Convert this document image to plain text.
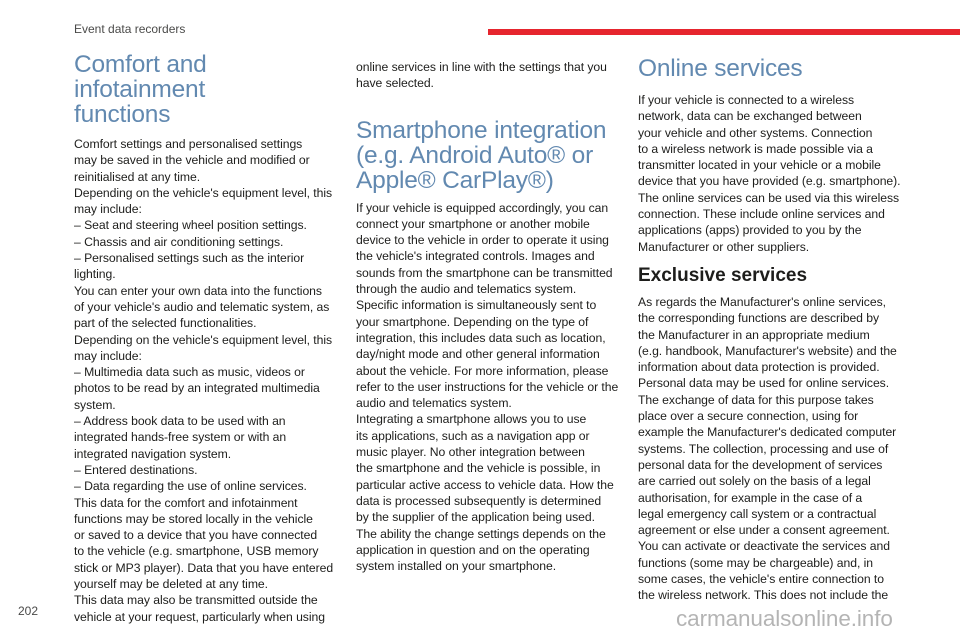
Event data recorders
Comfort and infotainment
functions

Comfort settings and personalised settings
may be saved in the vehicle and modified or
reinitialised at any time.
Depending on the vehicle's equipment level, this
may include:
– Seat and steering wheel position settings.
– Chassis and air conditioning settings.
– Personalised settings such as the interior
lighting.
You can enter your own data into the functions
of your vehicle's audio and telematic system, as
part of the selected functionalities.
Depending on the vehicle's equipment level, this
may include:
– Multimedia data such as music, videos or
photos to be read by an integrated multimedia
system.
– Address book data to be used with an
integrated hands-free system or with an
integrated navigation system.
– Entered destinations.
– Data regarding the use of online services.
This data for the comfort and infotainment
functions may be stored locally in the vehicle
or saved to a device that you have connected
to the vehicle (e.g. smartphone, USB memory
stick or MP3 player). Data that you have entered
yourself may be deleted at any time.
This data may also be transmitted outside the
vehicle at your request, particularly when using

online services in line with the settings that you
have selected.

Smartphone integration
(e.g. Android Auto® or
Apple® CarPlay®)

If your vehicle is equipped accordingly, you can
connect your smartphone or another mobile
device to the vehicle in order to operate it using
the vehicle's integrated controls. Images and
sounds from the smartphone can be transmitted
through the audio and telematics system.
Specific information is simultaneously sent to
your smartphone. Depending on the type of
integration, this includes data such as location,
day/night mode and other general information
about the vehicle. For more information, please
refer to the user instructions for the vehicle or the
audio and telematics system.
Integrating a smartphone allows you to use
its applications, such as a navigation app or
music player. No other integration between
the smartphone and the vehicle is possible, in
particular active access to vehicle data. How the
data is processed subsequently is determined
by the supplier of the application being used.
The ability the change settings depends on the
application in question and on the operating
system installed on your smartphone.

Online services

If your vehicle is connected to a wireless
network, data can be exchanged between
your vehicle and other systems. Connection
to a wireless network is made possible via a
transmitter located in your vehicle or a mobile
device that you have provided (e.g. smartphone).
The online services can be used via this wireless
connection. These include online services and
applications (apps) provided to you by the
Manufacturer or other suppliers.

Exclusive services

As regards the Manufacturer's online services,
the corresponding functions are described by
the Manufacturer in an appropriate medium
(e.g. handbook, Manufacturer's website) and the
information about data protection is provided.
Personal data may be used for online services.
The exchange of data for this purpose takes
place over a secure connection, using for
example the Manufacturer's dedicated computer
systems. The collection, processing and use of
personal data for the development of services
are carried out solely on the basis of a legal
authorisation, for example in the case of a
legal emergency call system or a contractual
agreement or else under a consent agreement.
You can activate or deactivate the services and
functions (some may be chargeable) and, in
some cases, the vehicle's entire connection to
the wireless network. This does not include the

202	carmanualsonline.info
